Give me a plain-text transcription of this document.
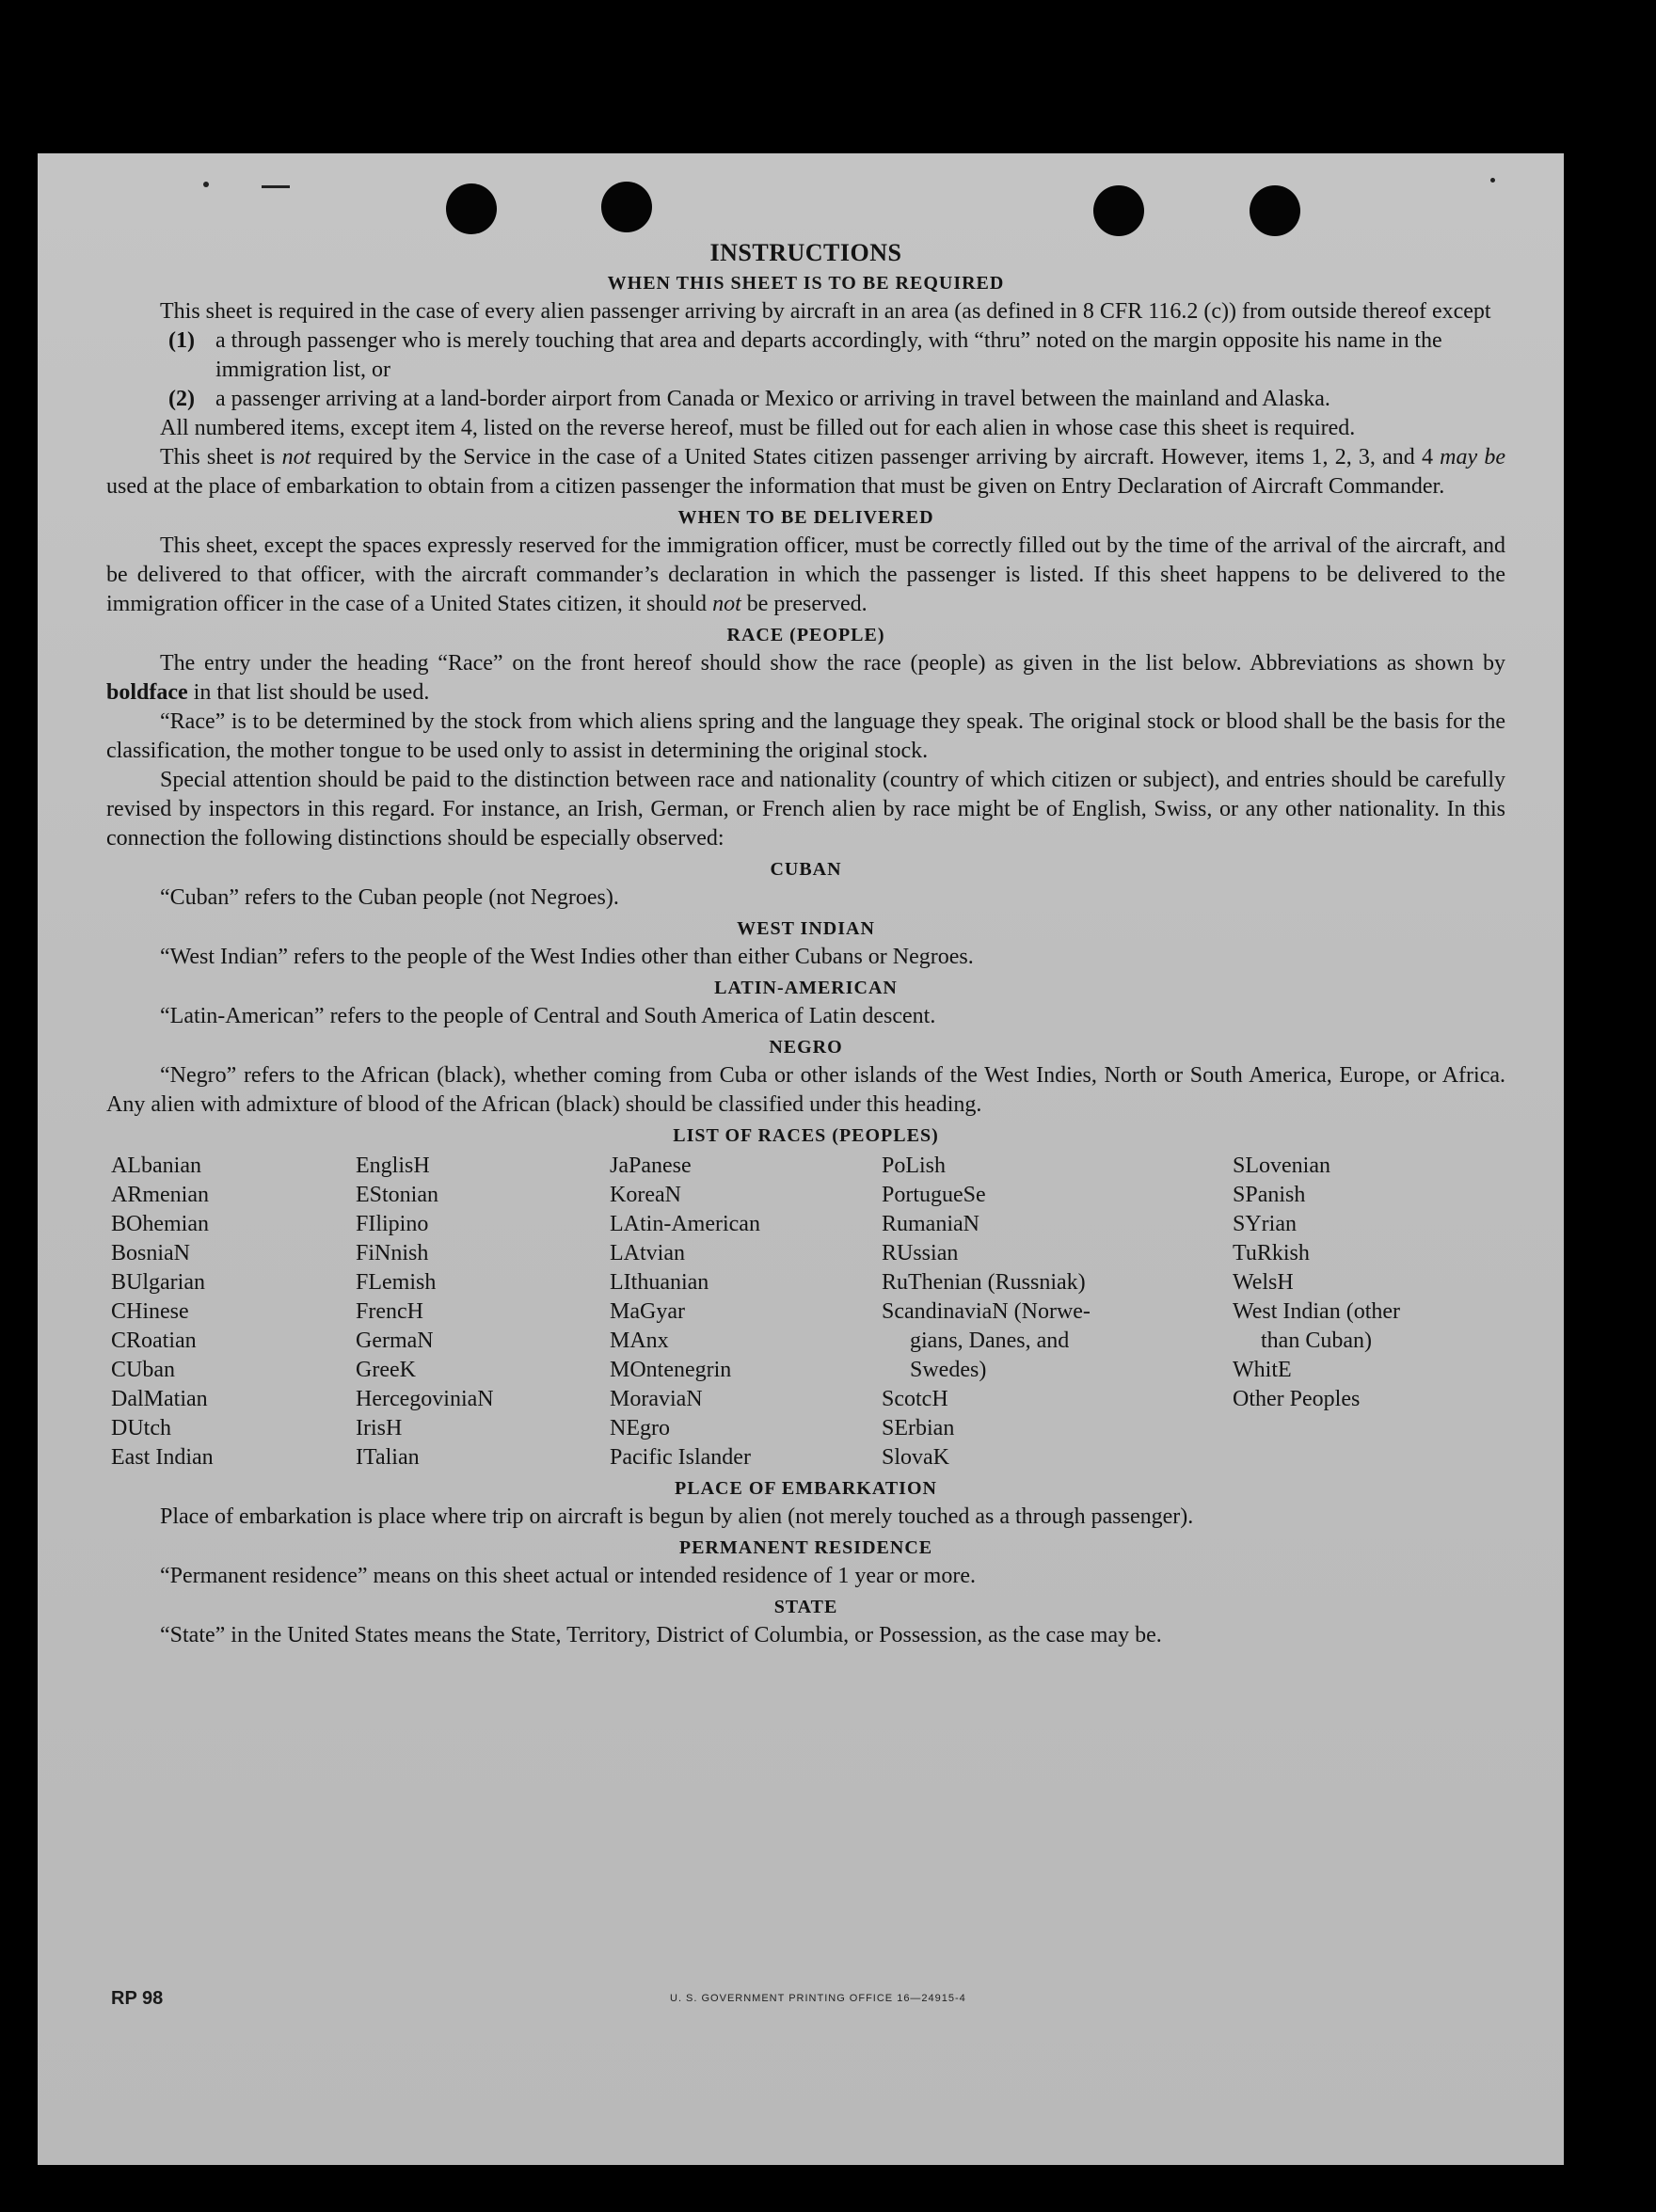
INSTRUCTIONS
WHEN THIS SHEET IS TO BE REQUIRED

This sheet is required in the case of every alien passenger arriving by aircraft in an area (as defined in 8 CFR 116.2 (c)) from outside thereof except

(1) a through passenger who is merely touching that area and departs accordingly, with “thru” noted on the margin opposite his name in the immigration list, or
(2) a passenger arriving at a land-border airport from Canada or Mexico or arriving in travel between the mainland and Alaska.

All numbered items, except item 4, listed on the reverse hereof, must be filled out for each alien in whose case this sheet is required.

This sheet is not required by the Service in the case of a United States citizen passenger arriving by aircraft. However, items 1, 2, 3, and 4 may be used at the place of embarkation to obtain from a citizen passenger the information that must be given on Entry Declaration of Aircraft Commander.

WHEN TO BE DELIVERED

This sheet, except the spaces expressly reserved for the immigration officer, must be correctly filled out by the time of the arrival of the aircraft, and be delivered to that officer, with the aircraft commander’s declaration in which the passenger is listed. If this sheet happens to be delivered to the immigration officer in the case of a United States citizen, it should not be preserved.

RACE (PEOPLE)

The entry under the heading “Race” on the front hereof should show the race (people) as given in the list below. Abbreviations as shown by boldface in that list should be used.

“Race” is to be determined by the stock from which aliens spring and the language they speak. The original stock or blood shall be the basis for the classification, the mother tongue to be used only to assist in determining the original stock.

Special attention should be paid to the distinction between race and nationality (country of which citizen or subject), and entries should be carefully revised by inspectors in this regard. For instance, an Irish, German, or French alien by race might be of English, Swiss, or any other nationality. In this connection the following distinctions should be especially observed:

CUBAN

“Cuban” refers to the Cuban people (not Negroes).

WEST INDIAN

“West Indian” refers to the people of the West Indies other than either Cubans or Negroes.

LATIN-AMERICAN

“Latin-American” refers to the people of Central and South America of Latin descent.

NEGRO

“Negro” refers to the African (black), whether coming from Cuba or other islands of the West Indies, North or South America, Europe, or Africa. Any alien with admixture of blood of the African (black) should be classified under this heading.

LIST OF RACES (PEOPLES)
ALbanian
ARmenian
BOhemian
BosniaN
BUlgarian
CHinese
CRoatian
CUban
DalMatian
DUtch
East Indian
EnglisH
EStonian
FIlipino
FiNnish
FLemish
FrencH
GermaN
GreeK
HercegoviniaN
IrisH
ITalian
JaPanese
KoreaN
LAtin-American
LAtvian
LIthuanian
MaGyar
MAnx
MOntenegrin
MoraviaN
NEgro
Pacific Islander
PoLish
PortugueSe
RumaniaN
RUssian
RuThenian (Russniak)
ScandinaviaN (Norwe-
gians, Danes, and
Swedes)
ScotcH
SErbian
SlovaK
SLovenian
SPanish
SYrian
TuRkish
WelsH
West Indian (other
than Cuban)
WhitE
Other Peoples
PLACE OF EMBARKATION

Place of embarkation is place where trip on aircraft is begun by alien (not merely touched as a through passenger).

PERMANENT RESIDENCE

“Permanent residence” means on this sheet actual or intended residence of 1 year or more.

STATE

“State” in the United States means the State, Territory, District of Columbia, or Possession, as the case may be.

RP 98	U. S. GOVERNMENT PRINTING OFFICE 16—24915-4
